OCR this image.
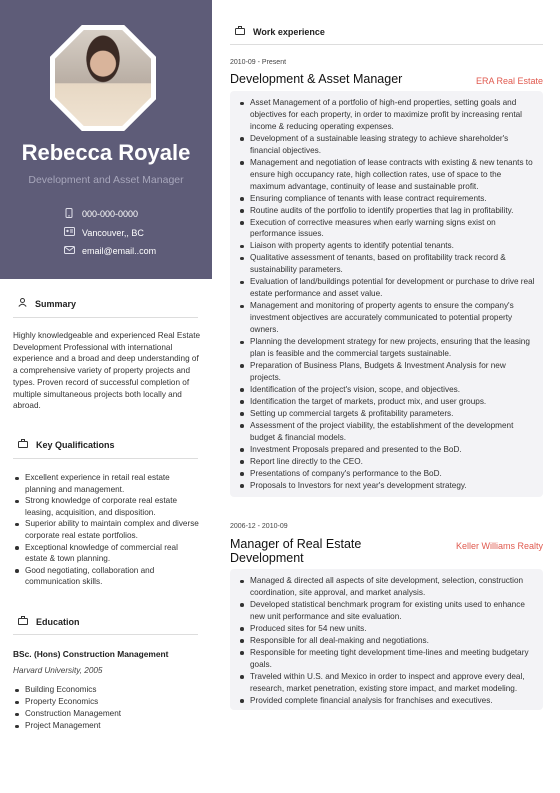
Rebecca Royale
Development and Asset Manager
000-000-0000
Vancouver,, BC
email@email..com
Summary
Highly knowledgeable and experienced Real Estate Development Professional with international experience and a broad and deep understanding of a comprehensive variety of property projects and types. Proven record of successful completion of multiple simultaneous projects both locally and abroad.
Key Qualifications
Excellent experience in retail real estate planning and management.
Strong knowledge of corporate real estate leasing, acquisition, and disposition.
Superior ability to maintain complex and diverse corporate real estate portfolios.
Exceptional knowledge of commercial real estate & town planning.
Good negotiating, collaboration and communication skills.
Education
BSc. (Hons) Construction Management
Harvard University, 2005
Building Economics
Property Economics
Construction Management
Project Management
Work experience
2010-09 - Present
Development & Asset Manager	ERA Real Estate
Asset Management of a portfolio of high-end properties, setting goals and objectives for each property, in order to maximize profit by increasing rental income & reducing operating expenses.
Development of a sustainable leasing strategy to achieve shareholder's financial objectives.
Management and negotiation of lease contracts with existing & new tenants to ensure high occupancy rate, high collection rates, use of space to the maximum advantage, continuity of lease and sustainable profit.
Ensuring compliance of tenants with lease contract requirements.
Routine audits of the portfolio to identify properties that lag in profitability.
Execution of corrective measures when early warning signs exist on performance issues.
Liaison with property agents to identify potential tenants.
Qualitative assessment of tenants, based on profitability track record & sustainability parameters.
Evaluation of land/buildings potential for development or purchase to drive real estate performance and asset value.
Management and monitoring of property agents to ensure the company's investment objectives are accurately communicated to potential property owners.
Planning the development strategy for new projects, ensuring that the leasing plan is feasible and the commercial targets sustainable.
Preparation of Business Plans, Budgets & Investment Analysis for new projects.
Identification of the project's vision, scope, and objectives.
Identification the target of markets, product mix, and user groups.
Setting up commercial targets & profitability parameters.
Assessment of the project viability, the establishment of the development budget & financial models.
Investment Proposals prepared and presented to the BoD.
Report line directly to the CEO.
Presentations of company's performance to the BoD.
Proposals to Investors for next year's development strategy.
2006-12 - 2010-09
Manager of Real Estate Development
Keller Williams Realty
Managed & directed all aspects of site development, selection, construction coordination, site approval, and market analysis.
Developed statistical benchmark program for existing units used to enhance new unit performance and site evaluation.
Produced sites for 54 new units.
Responsible for all deal-making and negotiations.
Responsible for meeting tight development time-lines and meeting budgetary goals.
Traveled within U.S. and Mexico in order to inspect and approve every deal, research, market penetration, existing store impact, and market modeling.
Provided complete financial analysis for franchises and executives.
